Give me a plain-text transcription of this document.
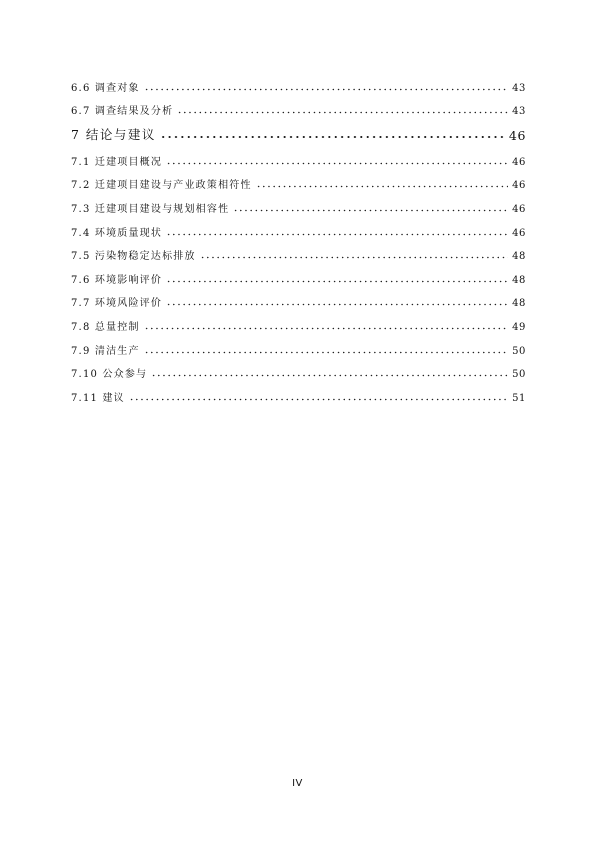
6.6 调查对象	43
6.7 调查结果及分析	43
7 结论与建议	46
7.1 迁建项目概况	46
7.2 迁建项目建设与产业政策相符性	46
7.3 迁建项目建设与规划相容性	46
7.4 环境质量现状	46
7.5 污染物稳定达标排放	48
7.6 环境影响评价	48
7.7 环境风险评价	48
7.8 总量控制	49
7.9 清洁生产	50
7.10 公众参与	50
7.11 建议	51
IV
